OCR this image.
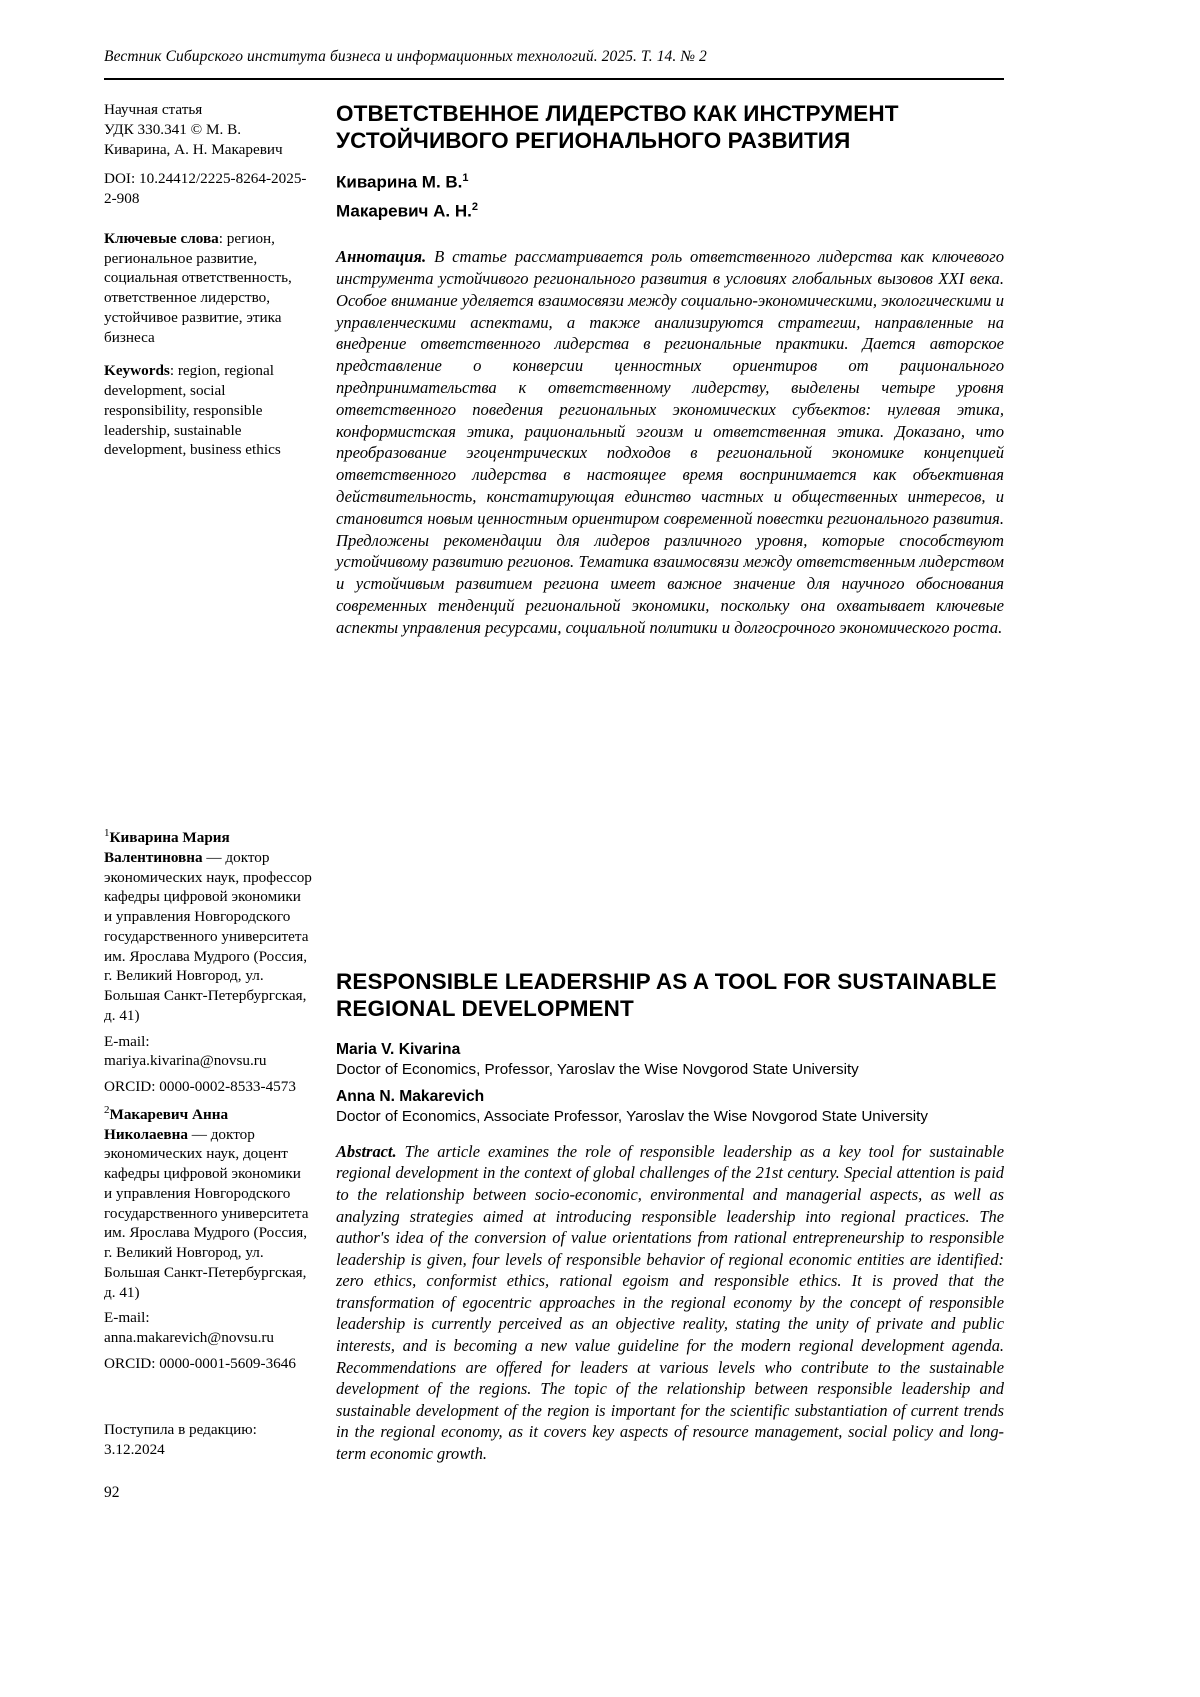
Вестник Сибирского института бизнеса и информационных технологий. 2025. Т. 14. № 2
Научная статья
УДК 330.341 © М. В. Киварина, А. Н. Макаревич
DOI: 10.24412/2225-8264-2025-2-908
Ключевые слова: регион, региональное развитие, социальная ответственность, ответственное лидерство, устойчивое развитие, этика бизнеса
Keywords: region, regional development, social responsibility, responsible leadership, sustainable development, business ethics
$^1$Киварина Мария Валентиновна — доктор экономических наук, профессор кафедры цифровой экономики и управления Новгородского государственного университета им. Ярослава Мудрого (Россия, г. Великий Новгород, ул. Большая Санкт-Петербургская, д. 41)
E-mail: mariya.kivarina@novsu.ru
ORCID: 0000-0002-8533-4573
$^2$Макаревич Анна Николаевна — доктор экономических наук, доцент кафедры цифровой экономики и управления Новгородского государственного университета им. Ярослава Мудрого (Россия, г. Великий Новгород, ул. Большая Санкт-Петербургская, д. 41)
E-mail: anna.makarevich@novsu.ru
ORCID: 0000-0001-5609-3646
Поступила в редакцию: 3.12.2024
92
ОТВЕТСТВЕННОЕ ЛИДЕРСТВО КАК ИНСТРУМЕНТ УСТОЙЧИВОГО РЕГИОНАЛЬНОГО РАЗВИТИЯ
Киварина М. В.$^1$
Макаревич А. Н.$^2$
Аннотация. В статье рассматривается роль ответственного лидерства как ключевого инструмента устойчивого регионального развития в условиях глобальных вызовов XXI века. Особое внимание уделяется взаимосвязи между социально-экономическими, экологическими и управленческими аспектами, а также анализируются стратегии, направленные на внедрение ответственного лидерства в региональные практики. Дается авторское представление о конверсии ценностных ориентиров от рационального предпринимательства к ответственному лидерству, выделены четыре уровня ответственного поведения региональных экономических субъектов: нулевая этика, конформистская этика, рациональный эгоизм и ответственная этика. Доказано, что преобразование эгоцентрических подходов в региональной экономике концепцией ответственного лидерства в настоящее время воспринимается как объективная действительность, констатирующая единство частных и общественных интересов, и становится новым ценностным ориентиром современной повестки регионального развития. Предложены рекомендации для лидеров различного уровня, которые способствуют устойчивому развитию регионов. Тематика взаимосвязи между ответственным лидерством и устойчивым развитием региона имеет важное значение для научного обоснования современных тенденций региональной экономики, поскольку она охватывает ключевые аспекты управления ресурсами, социальной политики и долгосрочного экономического роста.
RESPONSIBLE LEADERSHIP AS A TOOL FOR SUSTAINABLE REGIONAL DEVELOPMENT
Maria V. Kivarina
Doctor of Economics, Professor, Yaroslav the Wise Novgorod State University
Anna N. Makarevich
Doctor of Economics, Associate Professor, Yaroslav the Wise Novgorod State University
Abstract. The article examines the role of responsible leadership as a key tool for sustainable regional development in the context of global challenges of the 21st century. Special attention is paid to the relationship between socio-economic, environmental and managerial aspects, as well as analyzing strategies aimed at introducing responsible leadership into regional practices. The author's idea of the conversion of value orientations from rational entrepreneurship to responsible leadership is given, four levels of responsible behavior of regional economic entities are identified: zero ethics, conformist ethics, rational egoism and responsible ethics. It is proved that the transformation of egocentric approaches in the regional economy by the concept of responsible leadership is currently perceived as an objective reality, stating the unity of private and public interests, and is becoming a new value guideline for the modern regional development agenda. Recommendations are offered for leaders at various levels who contribute to the sustainable development of the regions. The topic of the relationship between responsible leadership and sustainable development of the region is important for the scientific substantiation of current trends in the regional economy, as it covers key aspects of resource management, social policy and long-term economic growth.
